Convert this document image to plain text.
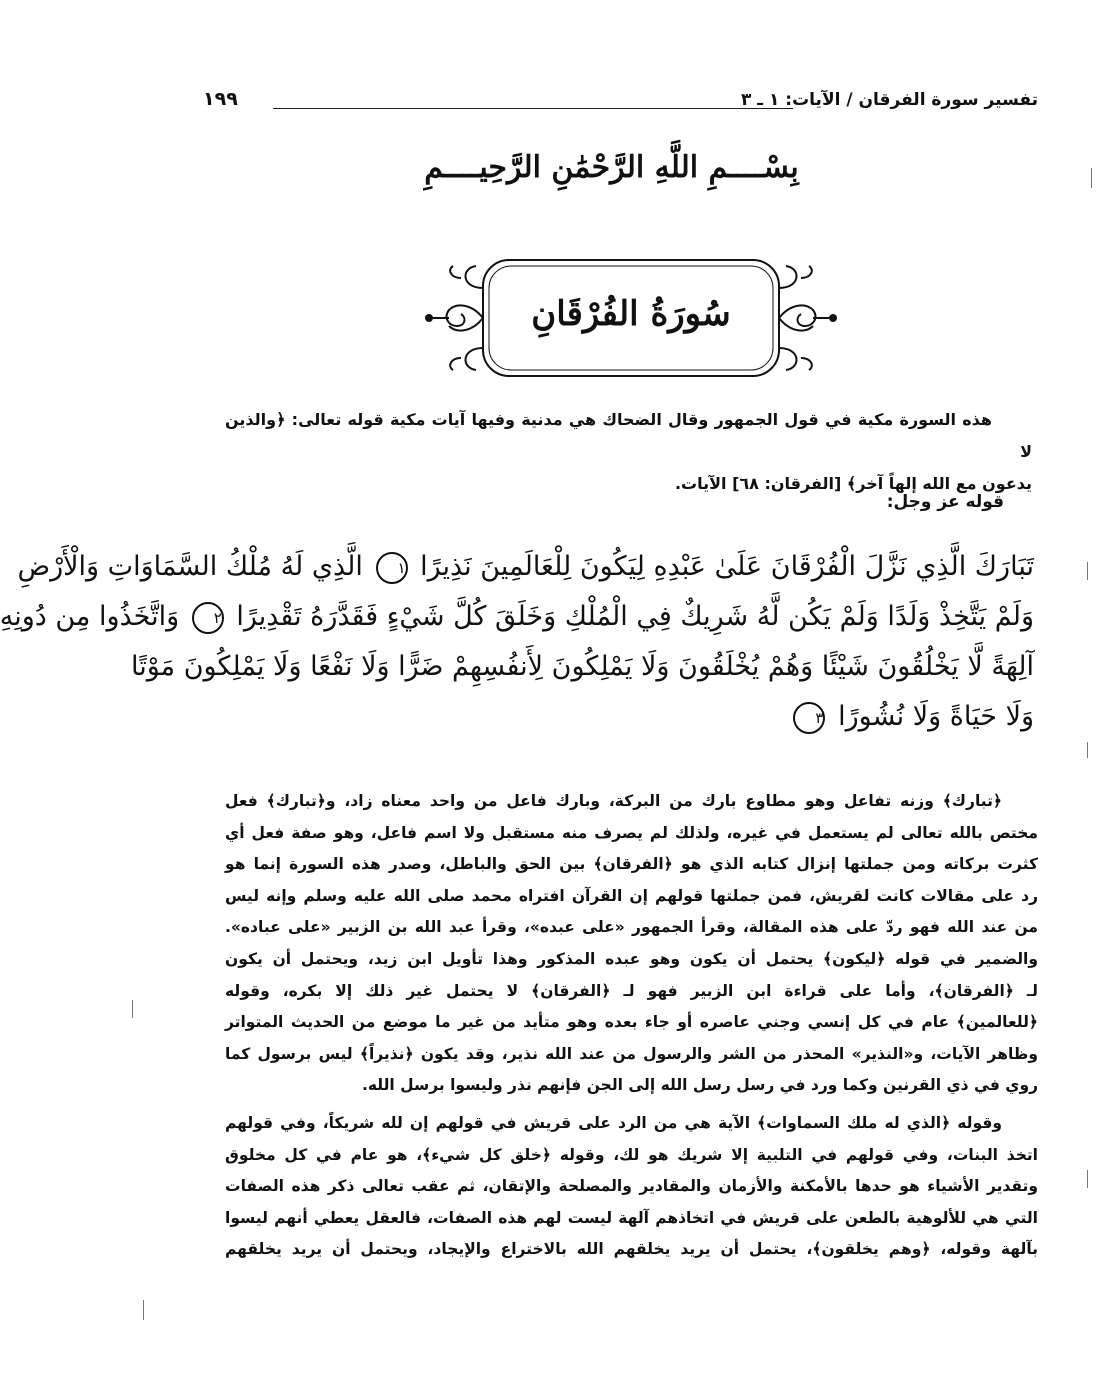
تفسير سورة الفرقان / الآيات: ١ ـ ٣
١٩٩
بِسْــــمِ اللَّهِ الرَّحْمَٰنِ الرَّحِيــــمِ
سُورَةُ الفُرْقَانِ
هذه السورة مكية في قول الجمهور وقال الضحاك هي مدنية وفيها آيات مكية قوله تعالى: ﴿والذين لا
يدعون مع الله إلهاً آخر﴾ [الفرقان: ٦٨] الآيات.
قوله عز وجل:
تَبَارَكَ الَّذِي نَزَّلَ الْفُرْقَانَ عَلَىٰ عَبْدِهِ لِيَكُونَ لِلْعَالَمِينَ نَذِيرًا ١ الَّذِي لَهُ مُلْكُ السَّمَاوَاتِ وَالْأَرْضِ
وَلَمْ يَتَّخِذْ وَلَدًا وَلَمْ يَكُن لَّهُ شَرِيكٌ فِي الْمُلْكِ وَخَلَقَ كُلَّ شَيْءٍ فَقَدَّرَهُ تَقْدِيرًا ٢ وَاتَّخَذُوا مِن دُونِهِ
آلِهَةً لَّا يَخْلُقُونَ شَيْئًا وَهُمْ يُخْلَقُونَ وَلَا يَمْلِكُونَ لِأَنفُسِهِمْ ضَرًّا وَلَا نَفْعًا وَلَا يَمْلِكُونَ مَوْتًا
وَلَا حَيَاةً وَلَا نُشُورًا ٣
﴿تبارك﴾ وزنه تفاعل وهو مطاوع بارك من البركة، وبارك فاعل من واحد معناه زاد، و﴿تبارك﴾ فعل
مختص بالله تعالى لم يستعمل في غيره، ولذلك لم يصرف منه مستقبل ولا اسم فاعل، وهو صفة فعل أي
كثرت بركاته ومن جملتها إنزال كتابه الذي هو ﴿الفرقان﴾ بين الحق والباطل، وصدر هذه السورة إنما هو
رد على مقالات كانت لقريش، فمن جملتها قولهم إن القرآن افتراه محمد صلى الله عليه وسلم وإنه ليس
من عند الله فهو ردّ على هذه المقالة، وقرأ الجمهور «على عبده»، وقرأ عبد الله بن الزبير «على عباده».
والضمير في قوله ﴿ليكون﴾ يحتمل أن يكون وهو عبده المذكور وهذا تأويل ابن زيد، ويحتمل أن يكون
لـ ﴿الفرقان﴾، وأما على قراءة ابن الزبير فهو لـ ﴿الفرقان﴾ لا يحتمل غير ذلك إلا بكره، وقوله
﴿للعالمين﴾ عام في كل إنسي وجني عاصره أو جاء بعده وهو متأيد من غير ما موضع من الحديث المتواتر
وظاهر الآيات، و«النذير» المحذر من الشر والرسول من عند الله نذير، وقد يكون ﴿نذيراً﴾ ليس برسول كما
روي في ذي القرنين وكما ورد في رسل رسل الله إلى الجن فإنهم نذر وليسوا برسل الله.
وقوله ﴿الذي له ملك السماوات﴾ الآية هي من الرد على قريش في قولهم إن لله شريكاً، وفي قولهم
اتخذ البنات، وفي قولهم في التلبية إلا شريك هو لك، وقوله ﴿خلق كل شيء﴾، هو عام في كل مخلوق
وتقدير الأشياء هو حدها بالأمكنة والأزمان والمقادير والمصلحة والإتقان، ثم عقب تعالى ذكر هذه الصفات
التي هي للألوهية بالطعن على قريش في اتخاذهم آلهة ليست لهم هذه الصفات، فالعقل يعطي أنهم ليسوا
بآلهة وقوله، ﴿وهم يخلقون﴾، يحتمل أن يريد يخلقهم الله بالاختراع والإيجاد، ويحتمل أن يريد يخلقهم
